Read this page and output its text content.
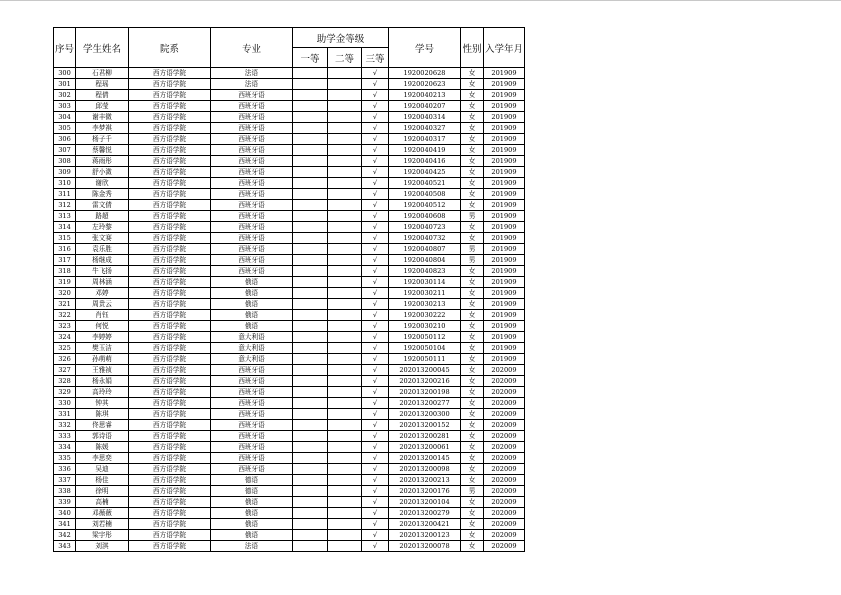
序号	学生姓名	院系	专业	助学金等级			学号	性别	入学年月
				一等	二等	三等			
300	石君柳	西方语学院	法语			√	1920020628	女	201909
301	程瑶	西方语学院	法语			√	1920020623	女	201909
302	程倩	西方语学院	西班牙语			√	1920040213	女	201909
303	邱莹	西方语学院	西班牙语			√	1920040207	女	201909
304	谢丰微	西方语学院	西班牙语			√	1920040314	女	201909
305	李梦祺	西方语学院	西班牙语			√	1920040327	女	201909
306	杨子千	西方语学院	西班牙语			√	1920040317	女	201909
307	蔡馨悦	西方语学院	西班牙语			√	1920040419	女	201909
308	蒋雨彤	西方语学院	西班牙语			√	1920040416	女	201909
309	舒小溦	西方语学院	西班牙语			√	1920040425	女	201909
310	谢欣	西方语学院	西班牙语			√	1920040521	女	201909
311	陈金秀	西方语学院	西班牙语			√	1920040508	女	201909
312	雷文倩	西方语学院	西班牙语			√	1920040512	女	201909
313	路超	西方语学院	西班牙语			√	1920040608	男	201909
314	左玲黎	西方语学院	西班牙语			√	1920040723	女	201909
315	张文赛	西方语学院	西班牙语			√	1920040732	女	201909
316	袁乐胜	西方语学院	西班牙语			√	1920040807	男	201909
317	杨继成	西方语学院	西班牙语			√	1920040804	男	201909
318	牛飞扬	西方语学院	西班牙语			√	1920040823	女	201909
319	周林涵	西方语学院	俄语			√	1920030114	女	201909
320	邓婷	西方语学院	俄语			√	1920030211	女	201909
321	周贵云	西方语学院	俄语			√	1920030213	女	201909
322	肖钰	西方语学院	俄语			√	1920030222	女	201909
323	何悦	西方语学院	俄语			√	1920030210	女	201909
324	李婷婷	西方语学院	意大利语			√	1920050112	女	201909
325	樊玉洁	西方语学院	意大利语			√	1920050104	女	201909
326	孙萌萌	西方语学院	意大利语			√	1920050111	女	201909
327	王雅祯	西方语学院	西班牙语			√	202013200045	女	202009
328	杨永娟	西方语学院	西班牙语			√	202013200216	女	202009
329	高玲玲	西方语学院	西班牙语			√	202013200198	女	202009
330	钟其	西方语学院	西班牙语			√	202013200277	女	202009
331	陈琪	西方语学院	西班牙语			√	202013200300	女	202009
332	佟思睿	西方语学院	西班牙语			√	202013200152	女	202009
333	郭诗语	西方语学院	西班牙语			√	202013200281	女	202009
334	陈媛	西方语学院	西班牙语			√	202013200061	女	202009
335	李思奕	西方语学院	西班牙语			√	202013200145	女	202009
336	吴迪	西方语学院	西班牙语			√	202013200098	女	202009
337	杨佳	西方语学院	德语			√	202013200213	女	202009
338	徐明	西方语学院	德语			√	202013200176	男	202009
339	高楠	西方语学院	俄语			√	202013200104	女	202009
340	邓薇薇	西方语学院	俄语			√	202013200279	女	202009
341	刘若楠	西方语学院	俄语			√	202013200421	女	202009
342	梁宇彤	西方语学院	俄语			√	202013200123	女	202009
343	刘淇	西方语学院	法语			√	202013200078	女	202009
